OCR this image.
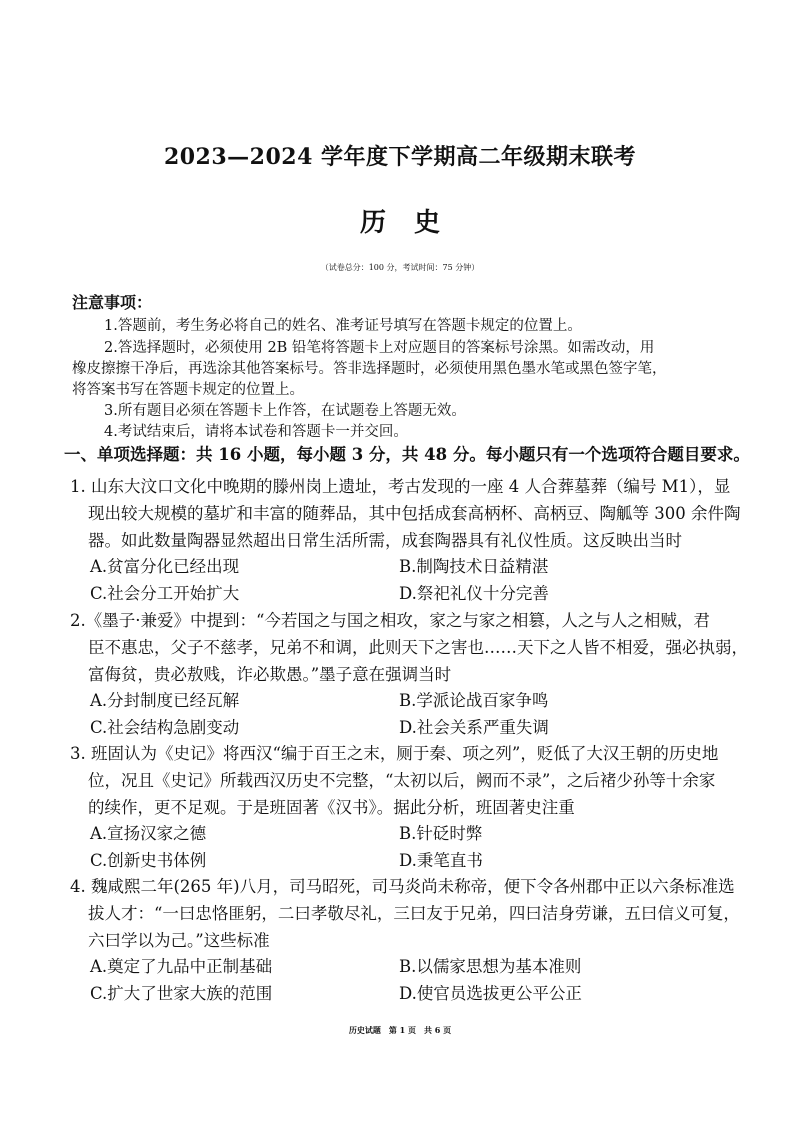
2023—2024 学年度下学期高二年级期末联考
历史
（试卷总分：100 分，考试时间：75 分钟）
注意事项：
1.答题前，考生务必将自己的姓名、准考证号填写在答题卡规定的位置上。
2.答选择题时，必须使用 2B 铅笔将答题卡上对应题目的答案标号涂黑。如需改动，用
橡皮擦擦干净后，再选涂其他答案标号。答非选择题时，必须使用黑色墨水笔或黑色签字笔，
将答案书写在答题卡规定的位置上。
3.所有题目必须在答题卡上作答，在试题卷上答题无效。
4.考试结束后，请将本试卷和答题卡一并交回。
一、单项选择题：共 16 小题，每小题 3 分，共 48 分。每小题只有一个选项符合题目要求。
1. 山东大汶口文化中晚期的滕州岗上遗址，考古发现的一座 4 人合葬墓葬（编号 M1），显
现出较大规模的墓圹和丰富的随葬品，其中包括成套高柄杯、高柄豆、陶觚等 300 余件陶
器。如此数量陶器显然超出日常生活所需，成套陶器具有礼仪性质。这反映出当时
A.贫富分化已经出现	B.制陶技术日益精湛
C.社会分工开始扩大	D.祭祀礼仪十分完善
2.《墨子·兼爱》中提到：“今若国之与国之相攻，家之与家之相篡，人之与人之相贼，君
臣不惠忠，父子不慈孝，兄弟不和调，此则天下之害也……天下之人皆不相爱，强必执弱，
富侮贫，贵必敖贱，诈必欺愚。”墨子意在强调当时
A.分封制度已经瓦解	B.学派论战百家争鸣
C.社会结构急剧变动	D.社会关系严重失调
3. 班固认为《史记》将西汉“编于百王之末，厕于秦、项之列”，贬低了大汉王朝的历史地
位，况且《史记》所载西汉历史不完整，“太初以后，阙而不录”，之后褚少孙等十余家
的续作，更不足观。于是班固著《汉书》。据此分析，班固著史注重
A.宣扬汉家之德	B.针砭时弊
C.创新史书体例	D.秉笔直书
4. 魏咸熙二年(265 年)八月，司马昭死，司马炎尚未称帝，便下令各州郡中正以六条标准选
拔人才：“一曰忠恪匪躬，二曰孝敬尽礼，三曰友于兄弟，四曰洁身劳谦，五曰信义可复，
六曰学以为己。”这些标准
A.奠定了九品中正制基础	B.以儒家思想为基本准则
C.扩大了世家大族的范围	D.使官员选拔更公平公正
历史试题　第 1 页　共 6 页
